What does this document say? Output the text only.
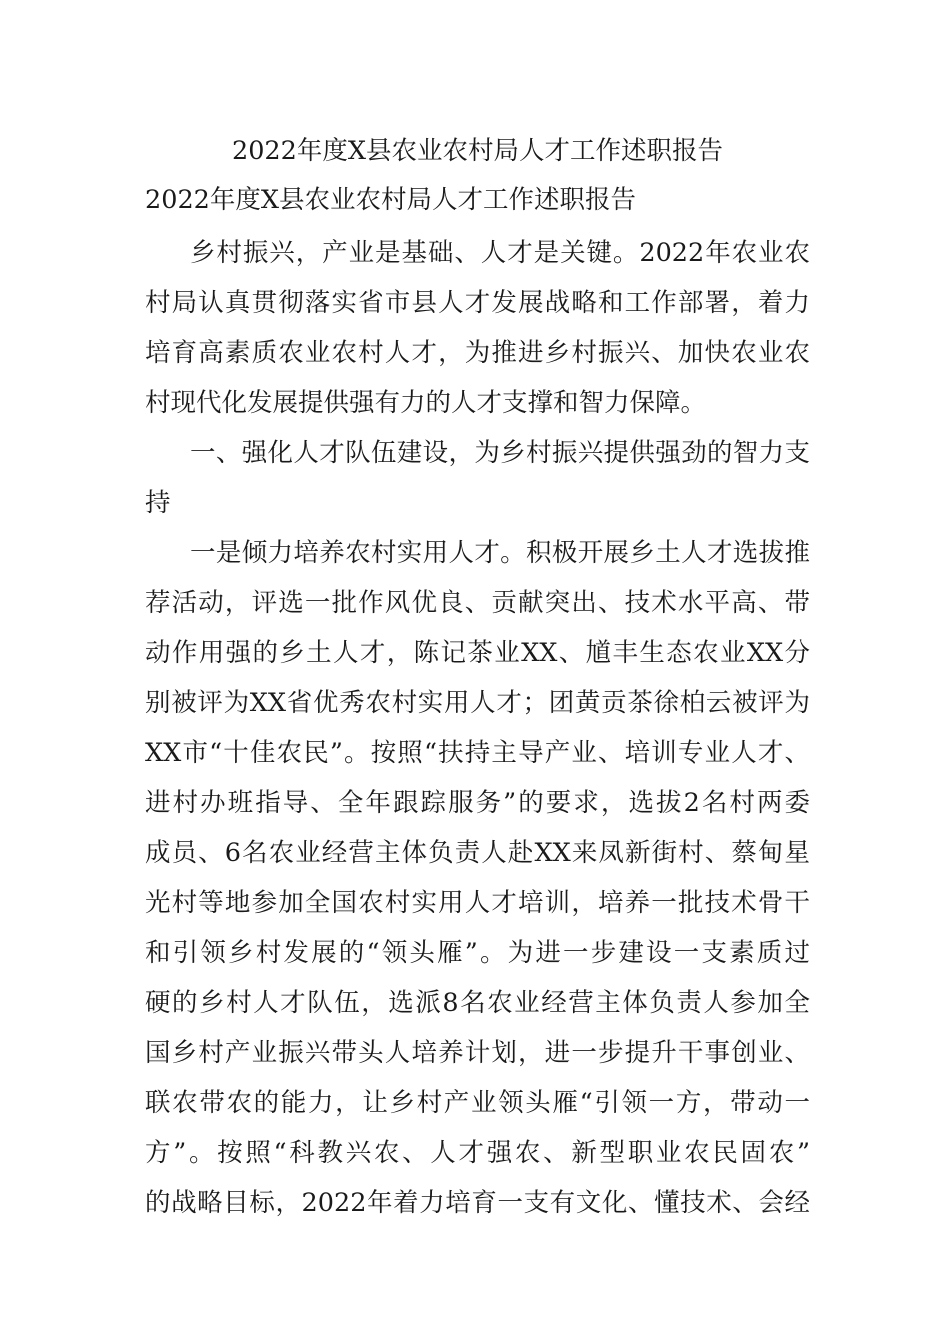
2022年度X县农业农村局人才工作述职报告
2022年度X县农业农村局人才工作述职报告
乡村振兴，产业是基础、人才是关键。2022年农业农
村局认真贯彻落实省市县人才发展战略和工作部署，着力
培育高素质农业农村人才，为推进乡村振兴、加快农业农
村现代化发展提供强有力的人才支撑和智力保障。
一、强化人才队伍建设，为乡村振兴提供强劲的智力支
持
一是倾力培养农村实用人才。积极开展乡土人才选拔推
荐活动，评选一批作风优良、贡献突出、技术水平高、带
动作用强的乡土人才，陈记茶业XX、馗丰生态农业XX分
别被评为XX省优秀农村实用人才；团黄贡茶徐柏云被评为
XX市“十佳农民”。按照“扶持主导产业、培训专业人才、
进村办班指导、全年跟踪服务”的要求，选拔2名村两委
成员、6名农业经营主体负责人赴XX来凤新街村、蔡甸星
光村等地参加全国农村实用人才培训，培养一批技术骨干
和引领乡村发展的“领头雁”。为进一步建设一支素质过
硬的乡村人才队伍，选派8名农业经营主体负责人参加全
国乡村产业振兴带头人培养计划，进一步提升干事创业、
联农带农的能力，让乡村产业领头雁“引领一方，带动一
方”。按照“科教兴农、人才强农、新型职业农民固农”
的战略目标，2022年着力培育一支有文化、懂技术、会经
